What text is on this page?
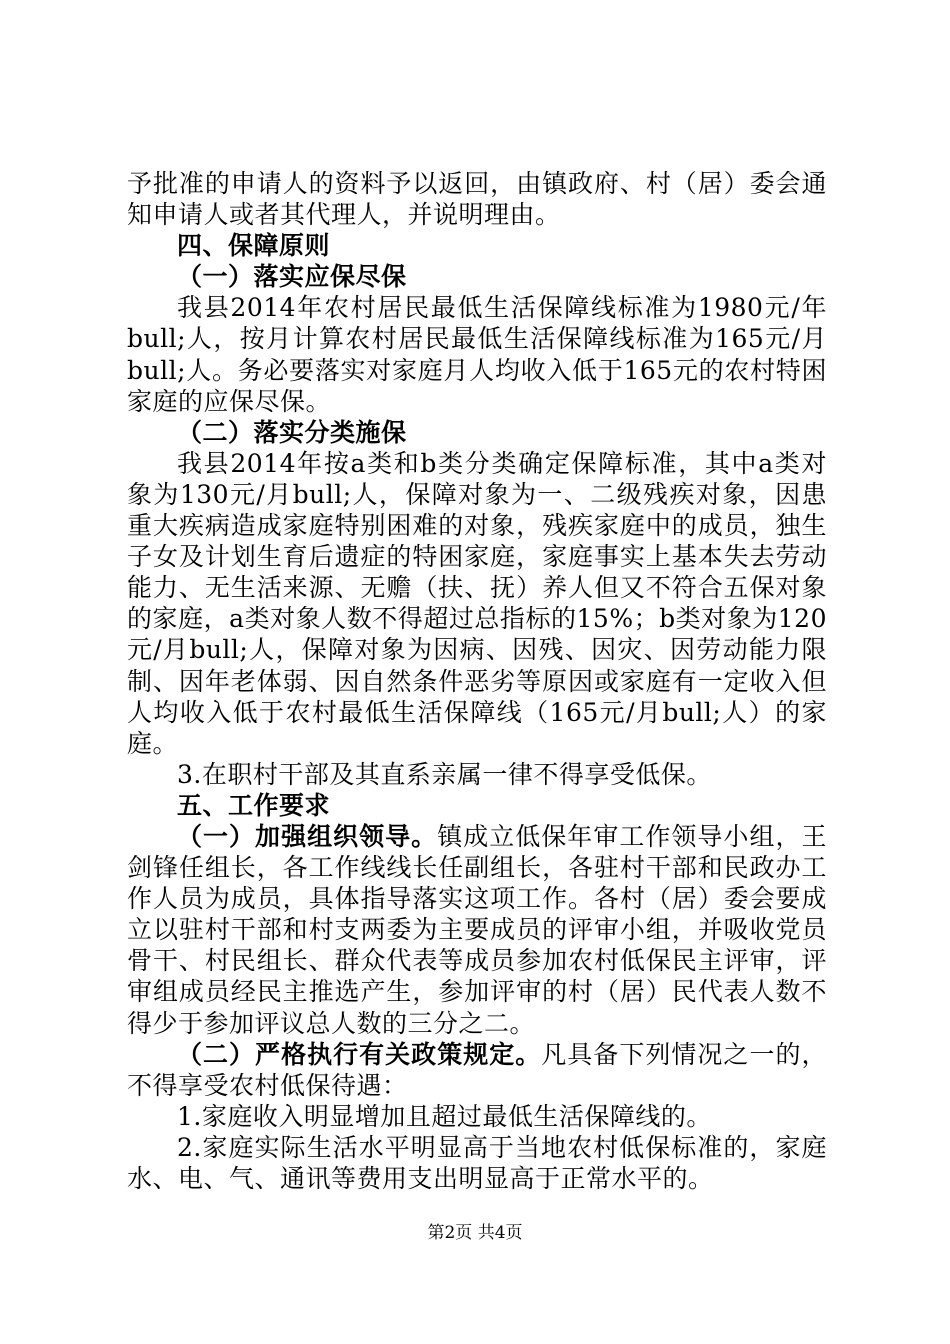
予批准的申请人的资料予以返回，由镇政府、村（居）委会通
知申请人或者其代理人，并说明理由。
四、保障原则
（一）落实应保尽保
我县2014年农村居民最低生活保障线标准为1980元/年
bull;人，按月计算农村居民最低生活保障线标准为165元/月
bull;人。务必要落实对家庭月人均收入低于165元的农村特困
家庭的应保尽保。
（二）落实分类施保
我县2014年按a类和b类分类确定保障标准，其中a类对
象为130元/月bull;人，保障对象为一、二级残疾对象，因患
重大疾病造成家庭特别困难的对象，残疾家庭中的成员，独生
子女及计划生育后遗症的特困家庭，家庭事实上基本失去劳动
能力、无生活来源、无赡（扶、抚）养人但又不符合五保对象
的家庭，a类对象人数不得超过总指标的15%；b类对象为120
元/月bull;人，保障对象为因病、因残、因灾、因劳动能力限
制、因年老体弱、因自然条件恶劣等原因或家庭有一定收入但
人均收入低于农村最低生活保障线（165元/月bull;人）的家
庭。
3.在职村干部及其直系亲属一律不得享受低保。
五、工作要求
（一）加强组织领导。镇成立低保年审工作领导小组，王
剑锋任组长，各工作线线长任副组长，各驻村干部和民政办工
作人员为成员，具体指导落实这项工作。各村（居）委会要成
立以驻村干部和村支两委为主要成员的评审小组，并吸收党员
骨干、村民组长、群众代表等成员参加农村低保民主评审，评
审组成员经民主推选产生，参加评审的村（居）民代表人数不
得少于参加评议总人数的三分之二。
（二）严格执行有关政策规定。凡具备下列情况之一的，
不得享受农村低保待遇：
1.家庭收入明显增加且超过最低生活保障线的。
2.家庭实际生活水平明显高于当地农村低保标准的，家庭
水、电、气、通讯等费用支出明显高于正常水平的。
第2页 共4页
